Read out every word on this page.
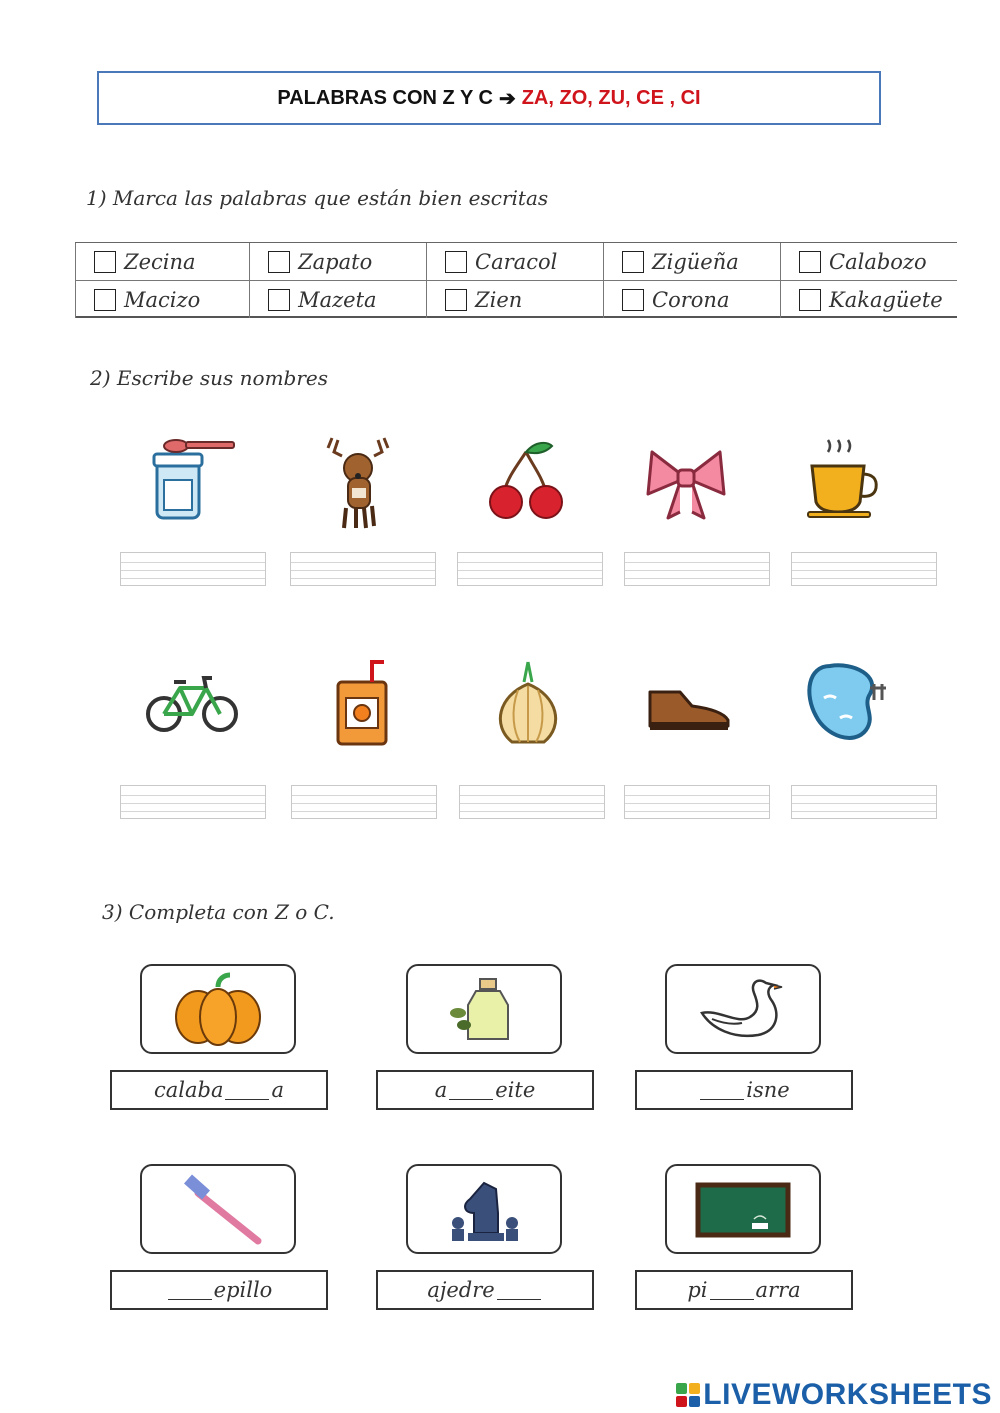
PALABRAS CON Z Y C ➔ ZA, ZO, ZU, CE , CI
1) Marca las palabras que están bien escritas
Zecina	Zapato	Caracol	Zigüeña	Calabozo
Macizo	Mazeta	Zien	Corona	Kakagüete
2) Escribe sus nombres
3) Completa con Z o C.
calaba a	a eite	isne
epillo	ajedre	pi arra
LIVEWORKSHEETS
